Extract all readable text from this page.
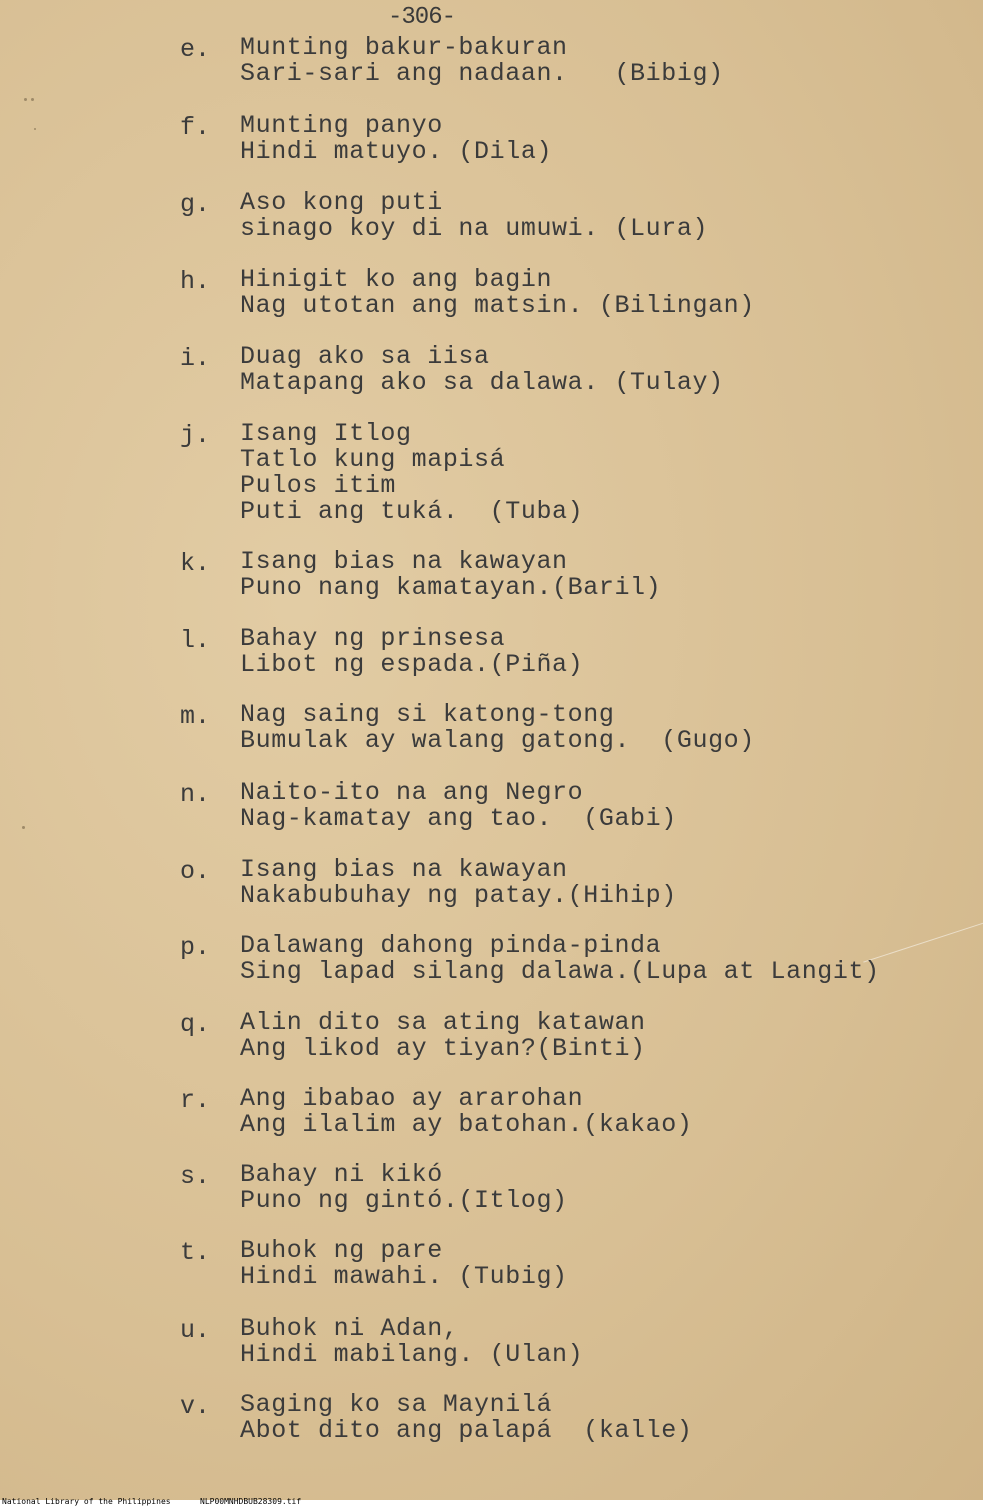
-306-
e. Munting bakur-bakuran
Sari-sari ang nadaan.   (Bibig)
f. Munting panyo
Hindi matuyo. (Dila)
g. Aso kong puti
sinago koy di na umuwi. (Lura)
h. Hinigit ko ang bagin
Nag utotan ang matsin. (Bilingan)
i. Duag ako sa iisa
Matapang ako sa dalawa. (Tulay)
j. Isang Itlog
Tatlo kung mapisá
Pulos itim
Puti ang tuká.  (Tuba)
k. Isang bias na kawayan
Puno nang kamatayan.(Baril)
l. Bahay ng prinsesa
Libot ng espada.(Piña)
m. Nag saing si katong-tong
Bumulak ay walang gatong.  (Gugo)
n. Naito-ito na ang Negro
Nag-kamatay ang tao.  (Gabi)
o. Isang bias na kawayan
Nakabubuhay ng patay.(Hihip)
p. Dalawang dahong pinda-pinda
Sing lapad silang dalawa.(Lupa at Langit)
q. Alin dito sa ating katawan
Ang likod ay tiyan?(Binti)
r. Ang ibabao ay ararohan
Ang ilalim ay batohan.(kakao)
s. Bahay ni kikó
Puno ng gintó.(Itlog)
t. Buhok ng pare
Hindi mawahi. (Tubig)
u. Buhok ni Adan,
Hindi mabilang. (Ulan)
v. Saging ko sa Maynilá
Abot dito ang palapá  (kalle)
National Library of the Philippines	NLP00MNHDBUB28309.tif
